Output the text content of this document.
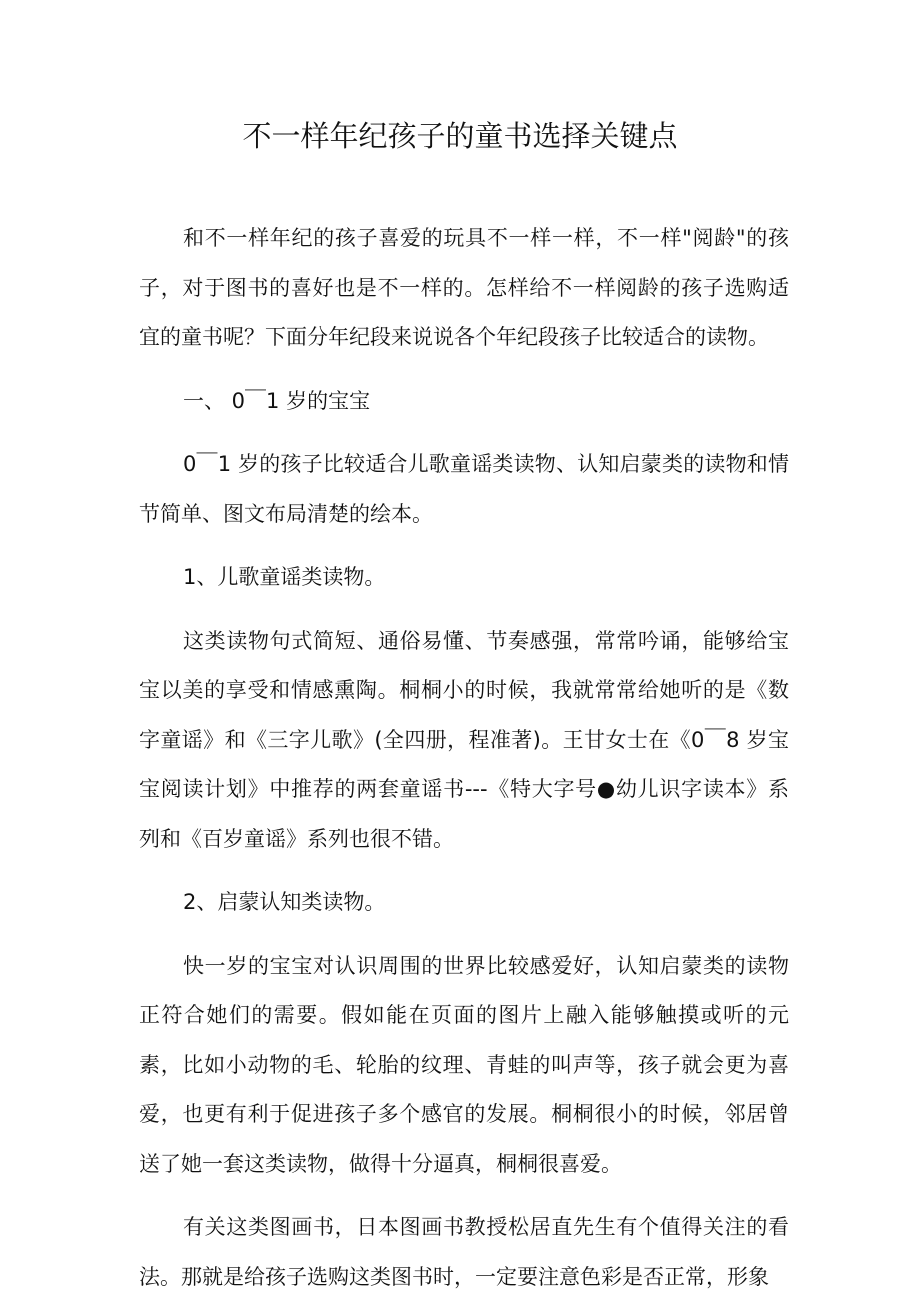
不一样年纪孩子的童书选择关键点

和不一样年纪的孩子喜爱的玩具不一样一样，不一样"阅龄"的孩子，对于图书的喜好也是不一样的。怎样给不一样阅龄的孩子选购适宜的童书呢？下面分年纪段来说说各个年纪段孩子比较适合的读物。

一、 0￣1 岁的宝宝

0￣1 岁的孩子比较适合儿歌童谣类读物、认知启蒙类的读物和情节简单、图文布局清楚的绘本。

1、儿歌童谣类读物。

这类读物句式简短、通俗易懂、节奏感强，常常吟诵，能够给宝宝以美的享受和情感熏陶。桐桐小的时候，我就常常给她听的是《数字童谣》和《三字儿歌》(全四册，程准著)。王甘女士在《0￣8 岁宝宝阅读计划》中推荐的两套童谣书---《特大字号●幼儿识字读本》系列和《百岁童谣》系列也很不错。

2、启蒙认知类读物。

快一岁的宝宝对认识周围的世界比较感爱好，认知启蒙类的读物正符合她们的需要。假如能在页面的图片上融入能够触摸或听的元素，比如小动物的毛、轮胎的纹理、青蛙的叫声等，孩子就会更为喜爱，也更有利于促进孩子多个感官的发展。桐桐很小的时候，邻居曾送了她一套这类读物，做得十分逼真，桐桐很喜爱。

有关这类图画书，日本图画书教授松居直先生有个值得关注的看法。那就是给孩子选购这类图书时，一定要注意色彩是否正常，形象
